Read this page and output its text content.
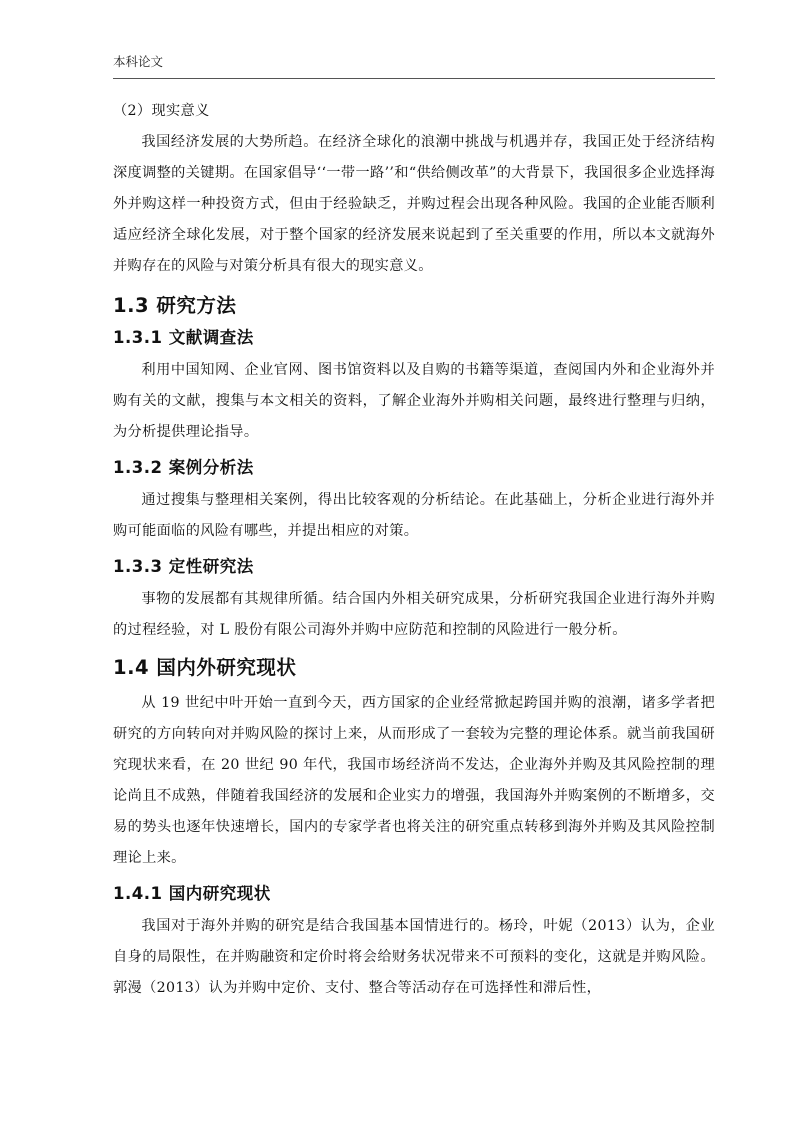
本科论文

（2）现实意义

我国经济发展的大势所趋。在经济全球化的浪潮中挑战与机遇并存，我国正处于经济结构深度调整的关键期。在国家倡导‘‘一带一路’’和“供给侧改革”的大背景下，我国很多企业选择海外并购这样一种投资方式，但由于经验缺乏，并购过程会出现各种风险。我国的企业能否顺利适应经济全球化发展，对于整个国家的经济发展来说起到了至关重要的作用，所以本文就海外并购存在的风险与对策分析具有很大的现实意义。

1.3 研究方法
1.3.1 文献调查法

利用中国知网、企业官网、图书馆资料以及自购的书籍等渠道，查阅国内外和企业海外并购有关的文献，搜集与本文相关的资料，了解企业海外并购相关问题，最终进行整理与归纳，为分析提供理论指导。

1.3.2 案例分析法

通过搜集与整理相关案例，得出比较客观的分析结论。在此基础上，分析企业进行海外并购可能面临的风险有哪些，并提出相应的对策。

1.3.3 定性研究法

事物的发展都有其规律所循。结合国内外相关研究成果，分析研究我国企业进行海外并购的过程经验，对 L 股份有限公司海外并购中应防范和控制的风险进行一般分析。

1.4 国内外研究现状

从 19 世纪中叶开始一直到今天，西方国家的企业经常掀起跨国并购的浪潮，诸多学者把研究的方向转向对并购风险的探讨上来，从而形成了一套较为完整的理论体系。就当前我国研究现状来看，在 20 世纪 90 年代，我国市场经济尚不发达，企业海外并购及其风险控制的理论尚且不成熟，伴随着我国经济的发展和企业实力的增强，我国海外并购案例的不断增多，交易的势头也逐年快速增长，国内的专家学者也将关注的研究重点转移到海外并购及其风险控制理论上来。

1.4.1 国内研究现状

我国对于海外并购的研究是结合我国基本国情进行的。杨玲，叶妮（2013）认为，企业自身的局限性，在并购融资和定价时将会给财务状况带来不可预料的变化，这就是并购风险。郭漫（2013）认为并购中定价、支付、整合等活动存在可选择性和滞后性，
